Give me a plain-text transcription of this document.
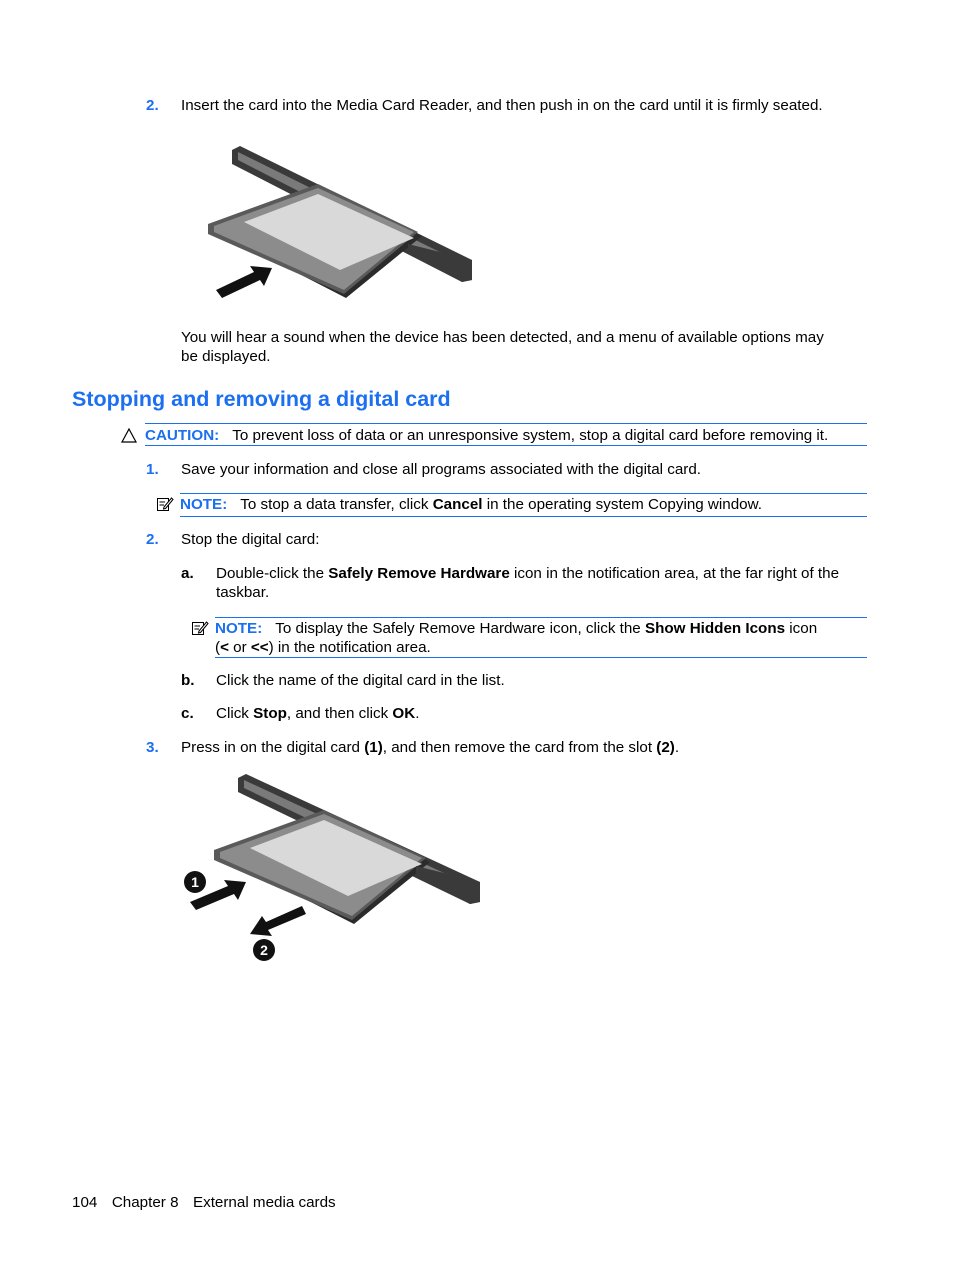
2. Insert the card into the Media Card Reader, and then push in on the card until it is firmly seated.
You will hear a sound when the device has been detected, and a menu of available options may
be displayed.
Stopping and removing a digital card
CAUTION: To prevent loss of data or an unresponsive system, stop a digital card before removing it.
1. Save your information and close all programs associated with the digital card.
NOTE: To stop a data transfer, click Cancel in the operating system Copying window.
2. Stop the digital card:
a. Double-click the Safely Remove Hardware icon in the notification area, at the far right of the
taskbar.
NOTE: To display the Safely Remove Hardware icon, click the Show Hidden Icons icon
(< or <<) in the notification area.
b. Click the name of the digital card in the list.
c. Click Stop, and then click OK.
3. Press in on the digital card (1), and then remove the card from the slot (2).
1
2
104 Chapter 8 External media cards
